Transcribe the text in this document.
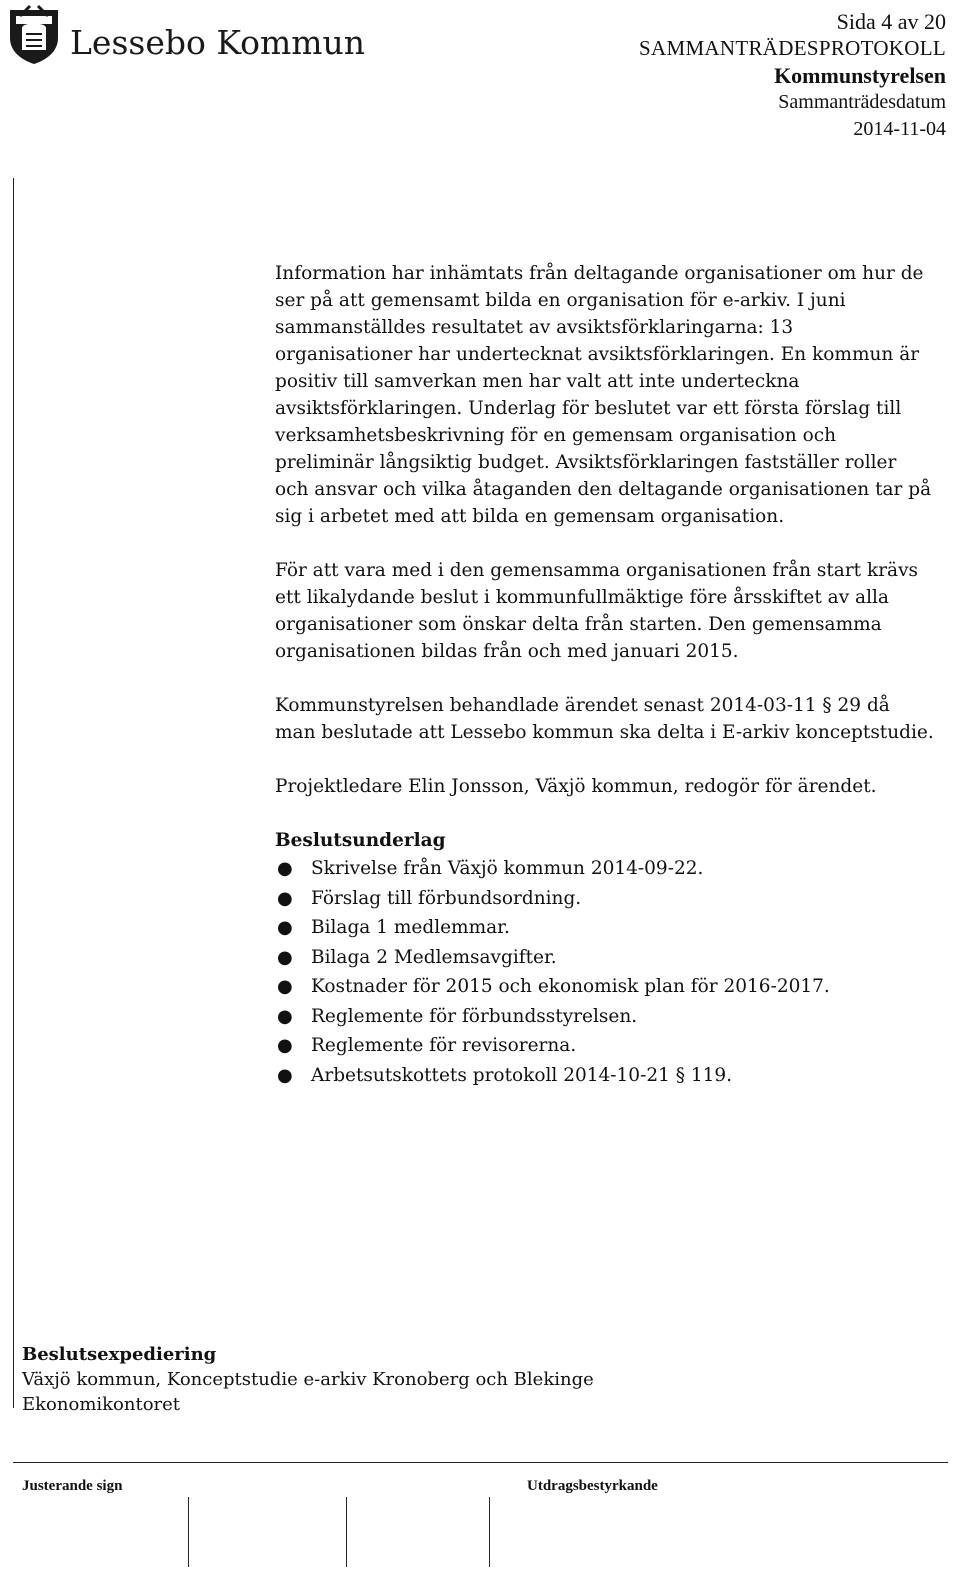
Lessebo Kommun
Sida 4 av 20
SAMMANTRÄDESPROTOKOLL
Kommunstyrelsen
Sammanträdesdatum
2014-11-04

Information har inhämtats från deltagande organisationer om hur de ser på att gemensamt bilda en organisation för e-arkiv. I juni sammanställdes resultatet av avsiktsförklaringarna: 13 organisationer har undertecknat avsiktsförklaringen. En kommun är positiv till samverkan men har valt att inte underteckna avsiktsförklaringen. Underlag för beslutet var ett första förslag till verksamhetsbeskrivning för en gemensam organisation och preliminär långsiktig budget. Avsiktsförklaringen fastställer roller och ansvar och vilka åtaganden den deltagande organisationen tar på sig i arbetet med att bilda en gemensam organisation.

För att vara med i den gemensamma organisationen från start krävs ett likalydande beslut i kommunfullmäktige före årsskiftet av alla organisationer som önskar delta från starten. Den gemensamma organisationen bildas från och med januari 2015.

Kommunstyrelsen behandlade ärendet senast 2014-03-11 § 29 då man beslutade att Lessebo kommun ska delta i E-arkiv konceptstudie.

Projektledare Elin Jonsson, Växjö kommun, redogör för ärendet.

Beslutsunderlag
● Skrivelse från Växjö kommun 2014-09-22.
● Förslag till förbundsordning.
● Bilaga 1 medlemmar.
● Bilaga 2 Medlemsavgifter.
● Kostnader för 2015 och ekonomisk plan för 2016-2017.
● Reglemente för förbundsstyrelsen.
● Reglemente för revisorerna.
● Arbetsutskottets protokoll 2014-10-21 § 119.
Beslutsexpediering
Växjö kommun, Konceptstudie e-arkiv Kronoberg och Blekinge
Ekonomikontoret
Justerande sign	Utdragsbestyrkande
